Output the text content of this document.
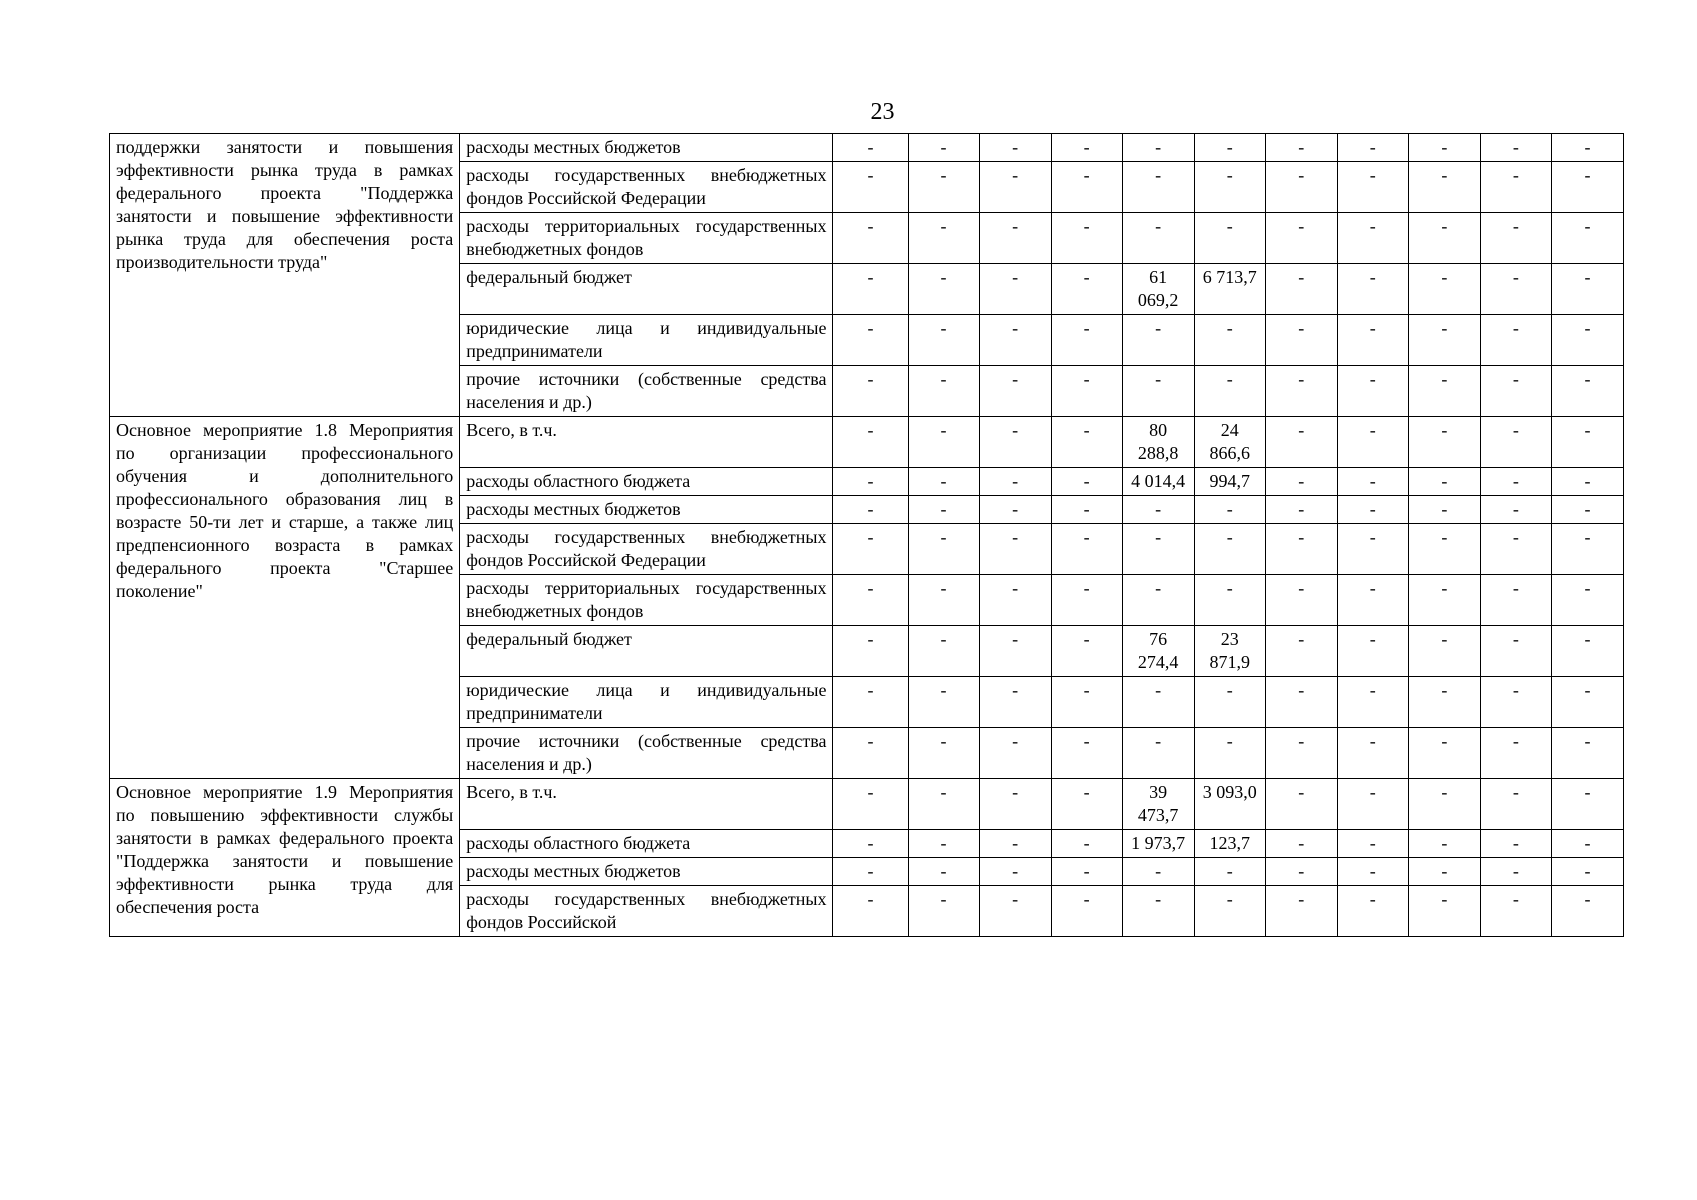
23
поддержки занятости и повышения эффективности рынка труда в рамках федерального проекта "Поддержка занятости и повышение эффективности рынка труда для обеспечения роста производительности труда"	расходы местных бюджетов	-	-	-	-	-	-	-	-	-	-	-
	расходы государственных внебюджетных фондов Российской Федерации	-	-	-	-	-	-	-	-	-	-	-
	расходы территориальных государственных внебюджетных фондов	-	-	-	-	-	-	-	-	-	-	-
	федеральный бюджет	-	-	-	-	61 069,2	6 713,7	-	-	-	-	-
	юридические лица и индивидуальные предприниматели	-	-	-	-	-	-	-	-	-	-	-
	прочие источники (собственные средства населения и др.)	-	-	-	-	-	-	-	-	-	-	-
Основное мероприятие 1.8 Мероприятия по организации профессионального обучения и дополнительного профессионального образования лиц в возрасте 50-ти лет и старше, а также лиц предпенсионного возраста в рамках федерального проекта "Старшее поколение"	Всего, в т.ч.	-	-	-	-	80 288,8	24 866,6	-	-	-	-	-
	расходы областного бюджета	-	-	-	-	4 014,4	994,7	-	-	-	-	-
	расходы местных бюджетов	-	-	-	-	-	-	-	-	-	-	-
	расходы государственных внебюджетных фондов Российской Федерации	-	-	-	-	-	-	-	-	-	-	-
	расходы территориальных государственных внебюджетных фондов	-	-	-	-	-	-	-	-	-	-	-
	федеральный бюджет	-	-	-	-	76 274,4	23 871,9	-	-	-	-	-
	юридические лица и индивидуальные предприниматели	-	-	-	-	-	-	-	-	-	-	-
	прочие источники (собственные средства населения и др.)	-	-	-	-	-	-	-	-	-	-	-
Основное мероприятие 1.9 Мероприятия по повышению эффективности службы занятости в рамках федерального проекта "Поддержка занятости и повышение эффективности рынка труда для обеспечения роста	Всего, в т.ч.	-	-	-	-	39 473,7	3 093,0	-	-	-	-	-
	расходы областного бюджета	-	-	-	-	1 973,7	123,7	-	-	-	-	-
	расходы местных бюджетов	-	-	-	-	-	-	-	-	-	-	-
	расходы государственных внебюджетных фондов Российской	-	-	-	-	-	-	-	-	-	-	-
